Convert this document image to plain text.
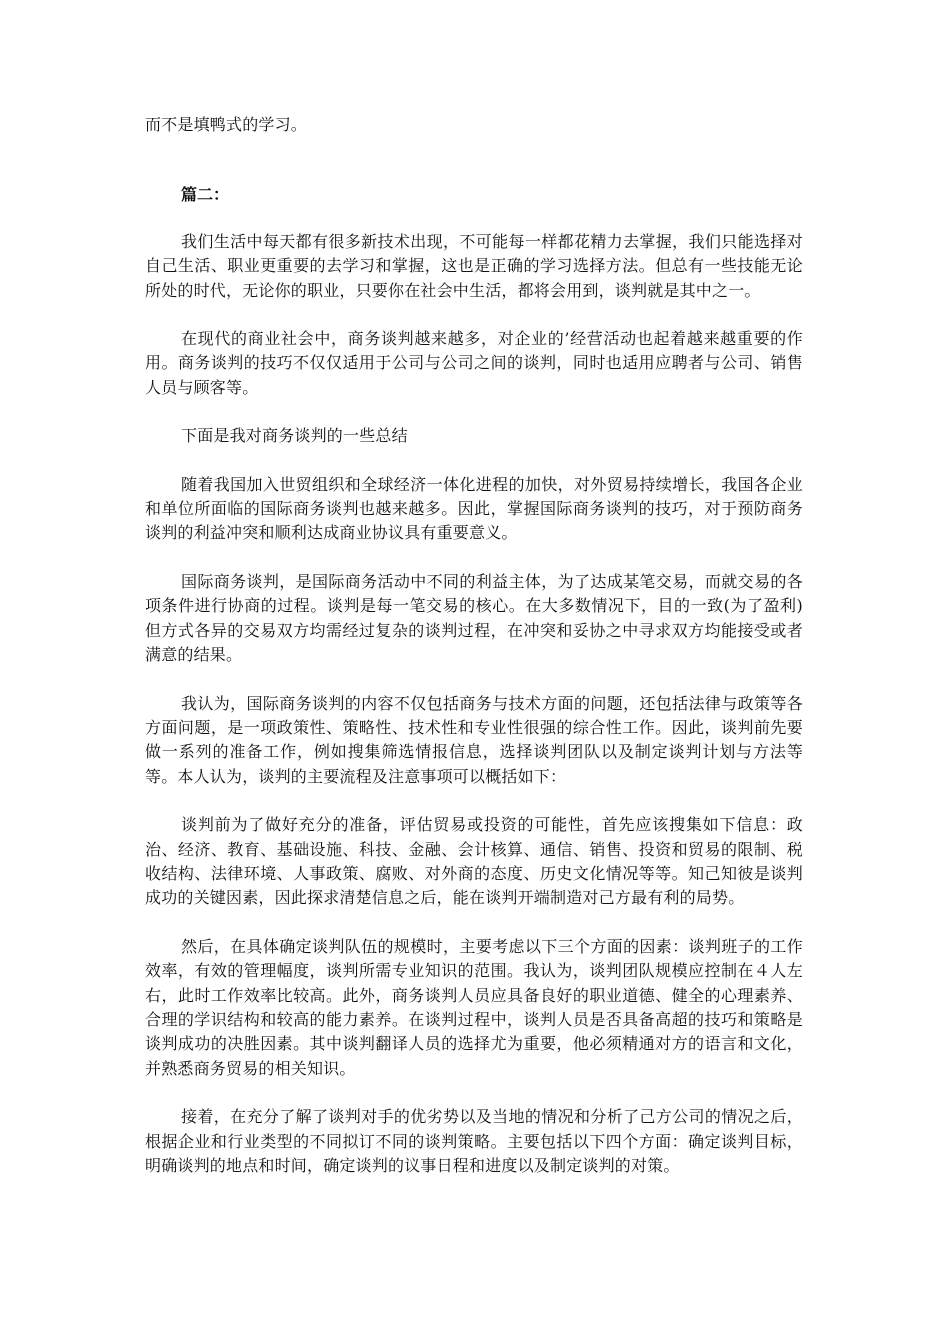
而不是填鸭式的学习。

篇二：

我们生活中每天都有很多新技术出现，不可能每一样都花精力去掌握，我们只能选择对自己生活、职业更重要的去学习和掌握，这也是正确的学习选择方法。但总有一些技能无论所处的时代，无论你的职业，只要你在社会中生活，都将会用到，谈判就是其中之一。

在现代的商业社会中，商务谈判越来越多，对企业的’经营活动也起着越来越重要的作用。商务谈判的技巧不仅仅适用于公司与公司之间的谈判，同时也适用应聘者与公司、销售人员与顾客等。

下面是我对商务谈判的一些总结

随着我国加入世贸组织和全球经济一体化进程的加快，对外贸易持续增长，我国各企业和单位所面临的国际商务谈判也越来越多。因此，掌握国际商务谈判的技巧，对于预防商务谈判的利益冲突和顺利达成商业协议具有重要意义。

国际商务谈判，是国际商务活动中不同的利益主体，为了达成某笔交易，而就交易的各项条件进行协商的过程。谈判是每一笔交易的核心。在大多数情况下，目的一致(为了盈利)但方式各异的交易双方均需经过复杂的谈判过程，在冲突和妥协之中寻求双方均能接受或者满意的结果。

我认为，国际商务谈判的内容不仅包括商务与技术方面的问题，还包括法律与政策等各方面问题，是一项政策性、策略性、技术性和专业性很强的综合性工作。因此，谈判前先要做一系列的准备工作，例如搜集筛选情报信息，选择谈判团队以及制定谈判计划与方法等等。本人认为，谈判的主要流程及注意事项可以概括如下：

谈判前为了做好充分的准备，评估贸易或投资的可能性，首先应该搜集如下信息：政治、经济、教育、基础设施、科技、金融、会计核算、通信、销售、投资和贸易的限制、税收结构、法律环境、人事政策、腐败、对外商的态度、历史文化情况等等。知己知彼是谈判成功的关键因素，因此探求清楚信息之后，能在谈判开端制造对己方最有利的局势。

然后，在具体确定谈判队伍的规模时，主要考虑以下三个方面的因素：谈判班子的工作效率，有效的管理幅度，谈判所需专业知识的范围。我认为，谈判团队规模应控制在４人左右，此时工作效率比较高。此外，商务谈判人员应具备良好的职业道德、健全的心理素养、合理的学识结构和较高的能力素养。在谈判过程中，谈判人员是否具备高超的技巧和策略是谈判成功的决胜因素。其中谈判翻译人员的选择尤为重要，他必须精通对方的语言和文化，并熟悉商务贸易的相关知识。

接着，在充分了解了谈判对手的优劣势以及当地的情况和分析了己方公司的情况之后，根据企业和行业类型的不同拟订不同的谈判策略。主要包括以下四个方面：确定谈判目标，明确谈判的地点和时间，确定谈判的议事日程和进度以及制定谈判的对策。
